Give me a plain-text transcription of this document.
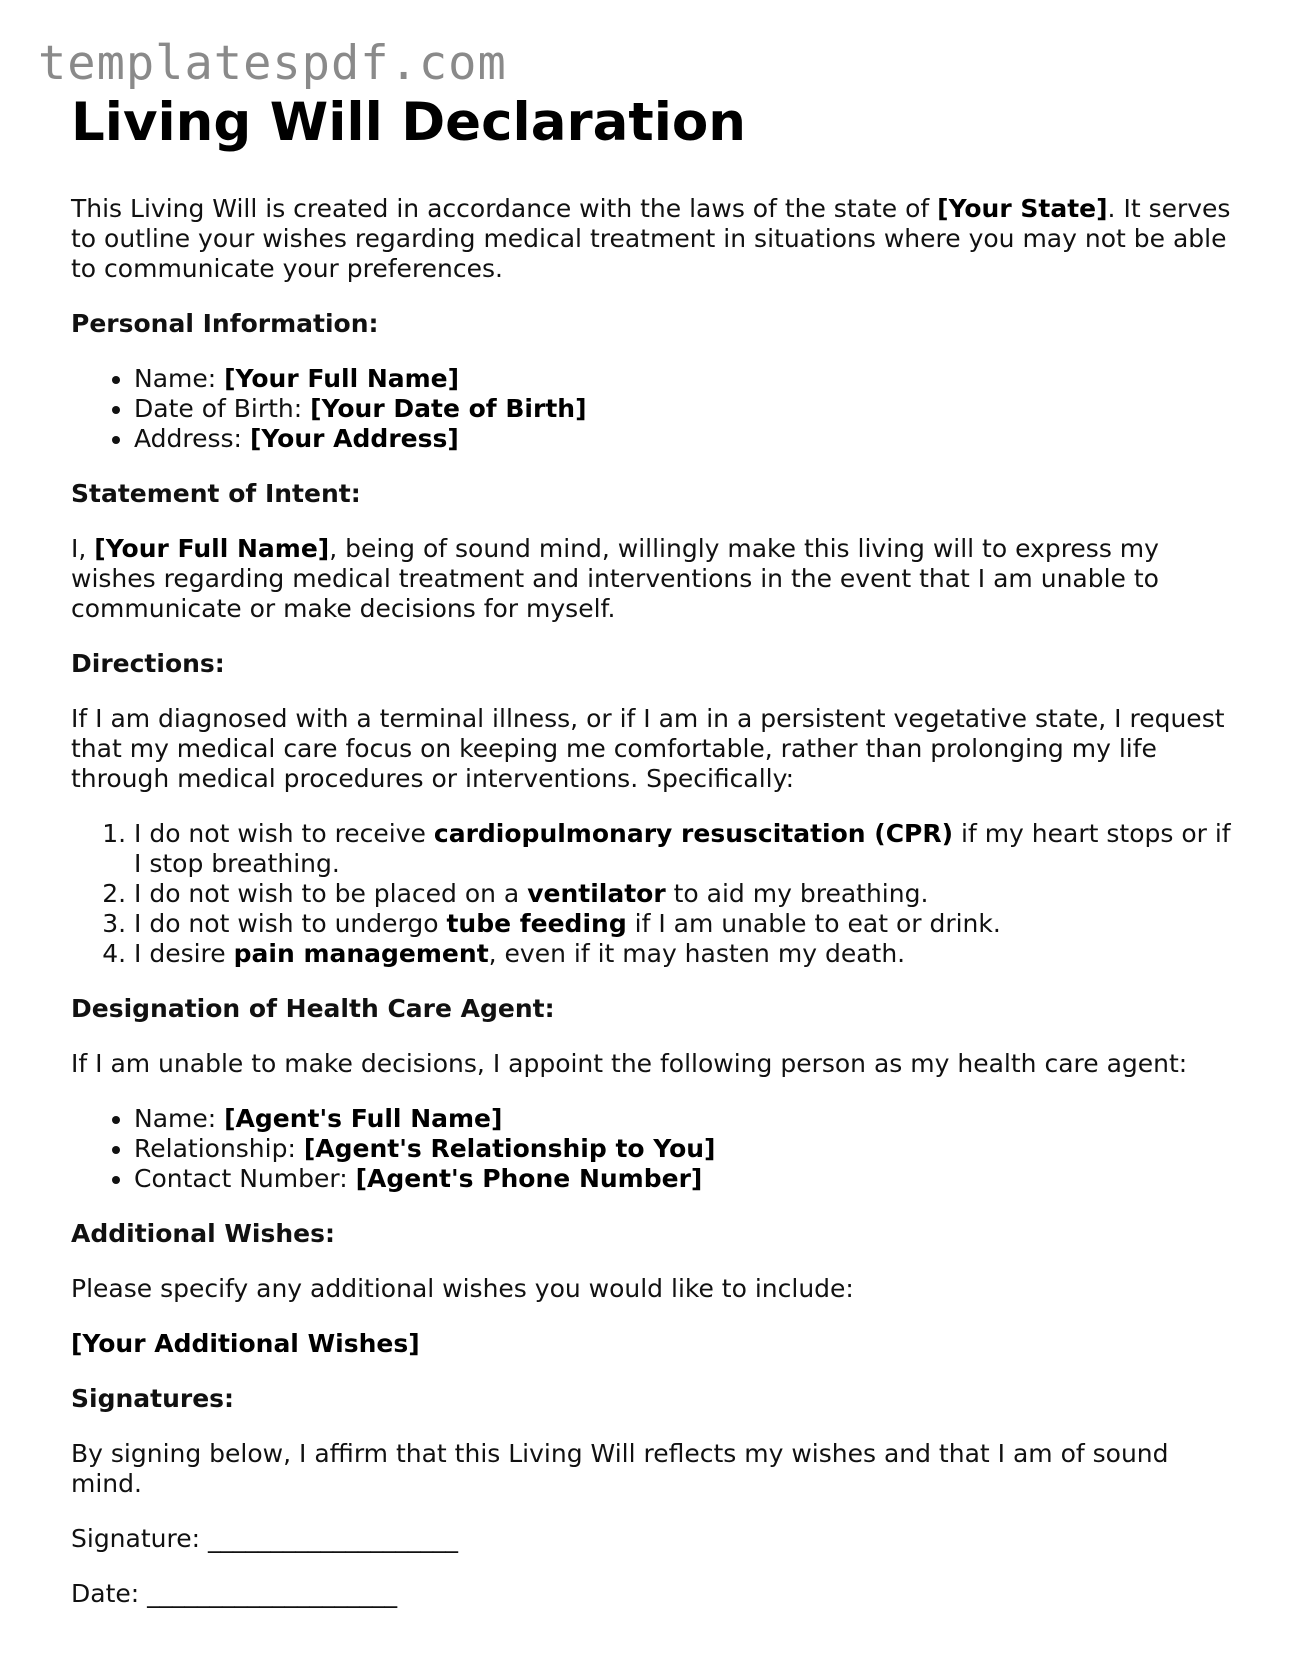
templatespdf.com
Living Will Declaration

This Living Will is created in accordance with the laws of the state of [Your State]. It serves to outline your wishes regarding medical treatment in situations where you may not be able to communicate your preferences.

Personal Information:
• Name: [Your Full Name]
• Date of Birth: [Your Date of Birth]
• Address: [Your Address]
Statement of Intent:

I, [Your Full Name], being of sound mind, willingly make this living will to express my wishes regarding medical treatment and interventions in the event that I am unable to communicate or make decisions for myself.

Directions:

If I am diagnosed with a terminal illness, or if I am in a persistent vegetative state, I request that my medical care focus on keeping me comfortable, rather than prolonging my life through medical procedures or interventions. Specifically:

1. I do not wish to receive cardiopulmonary resuscitation (CPR) if my heart stops or if I stop breathing.
2. I do not wish to be placed on a ventilator to aid my breathing.
3. I do not wish to undergo tube feeding if I am unable to eat or drink.
4. I desire pain management, even if it may hasten my death.
Designation of Health Care Agent:

If I am unable to make decisions, I appoint the following person as my health care agent:

• Name: [Agent's Full Name]
• Relationship: [Agent's Relationship to You]
• Contact Number: [Agent's Phone Number]
Additional Wishes:

Please specify any additional wishes you would like to include:

[Your Additional Wishes]

Signatures:

By signing below, I affirm that this Living Will reflects my wishes and that I am of sound mind.

Signature: ____________________
Date: ____________________
